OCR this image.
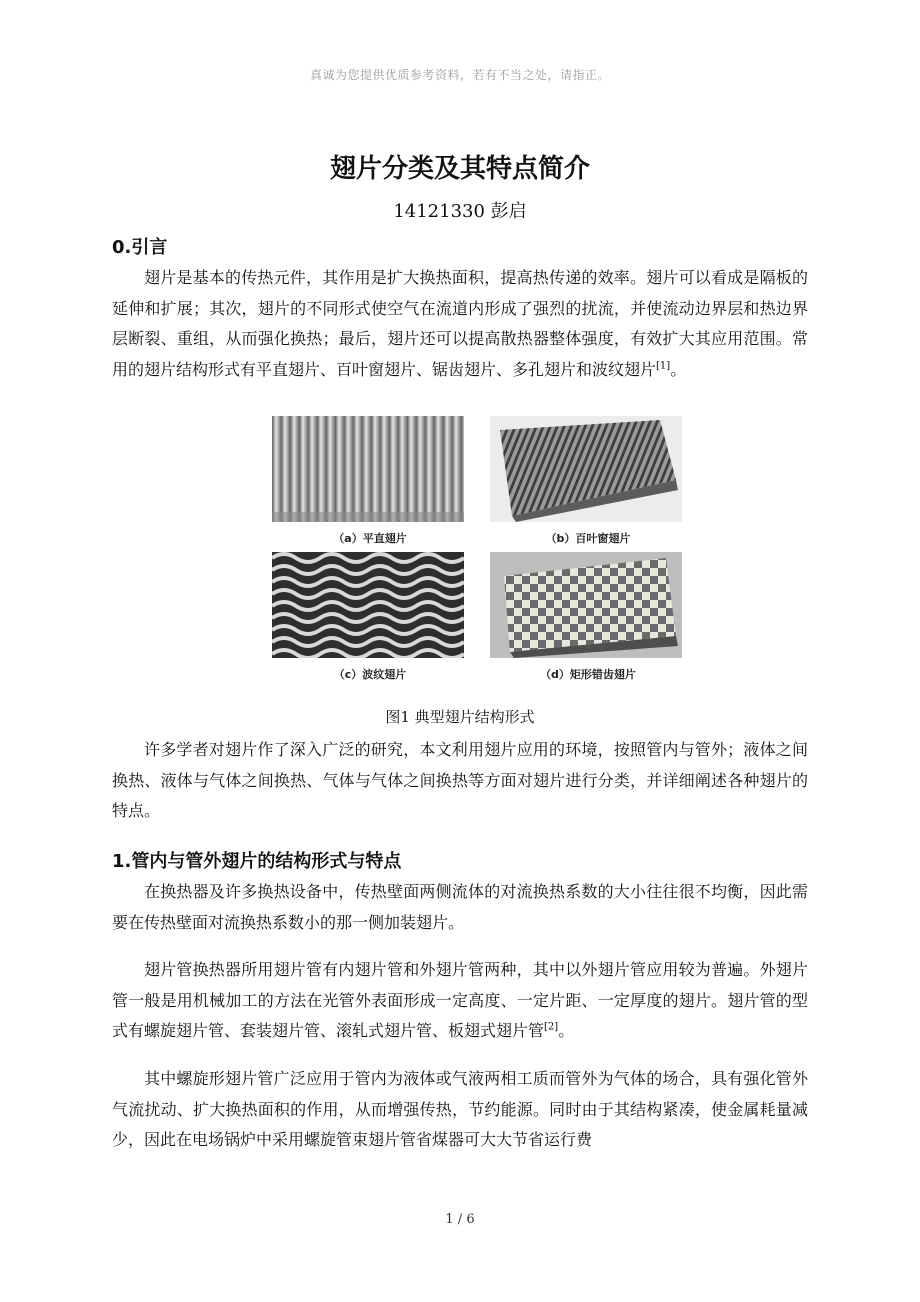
真诚为您提供优质参考资料，若有不当之处，请指正。
翅片分类及其特点简介
14121330 彭启
0.引言
翅片是基本的传热元件，其作用是扩大换热面积，提高热传递的效率。翅片可以看成是隔板的延伸和扩展；其次，翅片的不同形式使空气在流道内形成了强烈的扰流，并使流动边界层和热边界层断裂、重组，从而强化换热；最后，翅片还可以提高散热器整体强度，有效扩大其应用范围。常用的翅片结构形式有平直翅片、百叶窗翅片、锯齿翅片、多孔翅片和波纹翅片[1]。
（a）平直翅片	（b）百叶窗翅片
（c）波纹翅片	（d）矩形错齿翅片
图1 典型翅片结构形式
许多学者对翅片作了深入广泛的研究，本文利用翅片应用的环境，按照管内与管外；液体之间换热、液体与气体之间换热、气体与气体之间换热等方面对翅片进行分类，并详细阐述各种翅片的特点。
1.管内与管外翅片的结构形式与特点
在换热器及许多换热设备中，传热壁面两侧流体的对流换热系数的大小往往很不均衡，因此需要在传热壁面对流换热系数小的那一侧加装翅片。
翅片管换热器所用翅片管有内翅片管和外翅片管两种，其中以外翅片管应用较为普遍。外翅片管一般是用机械加工的方法在光管外表面形成一定高度、一定片距、一定厚度的翅片。翅片管的型式有螺旋翅片管、套装翅片管、滚轧式翅片管、板翅式翅片管[2]。
其中螺旋形翅片管广泛应用于管内为液体或气液两相工质而管外为气体的场合，具有强化管外气流扰动、扩大换热面积的作用，从而增强传热，节约能源。同时由于其结构紧凑，使金属耗量减少，因此在电场锅炉中采用螺旋管束翅片管省煤器可大大节省运行费
1 / 6
